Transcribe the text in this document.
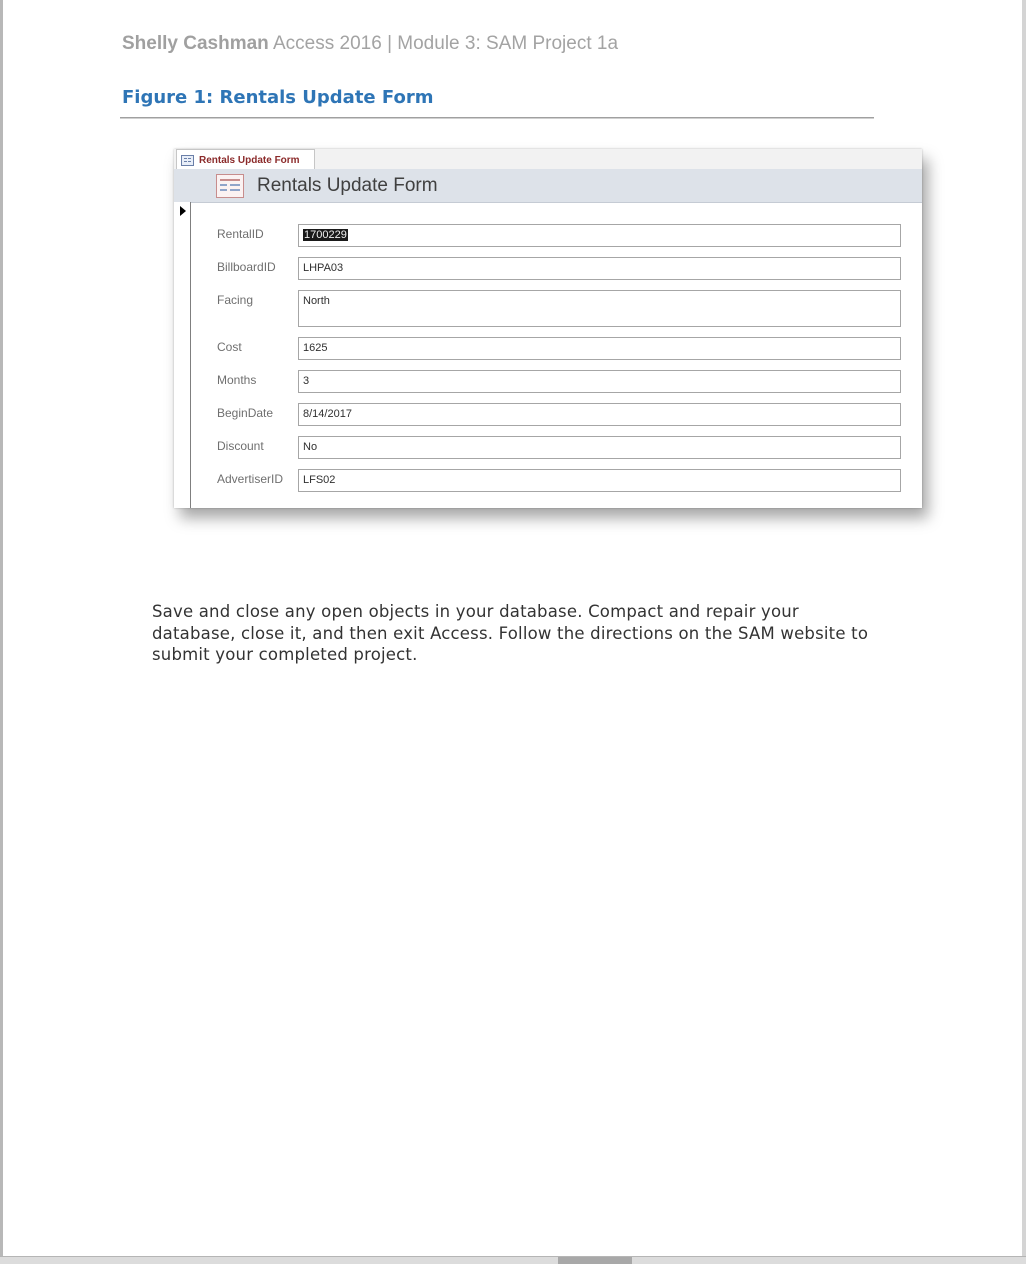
Shelly Cashman Access 2016 | Module 3: SAM Project 1a
Figure 1: Rentals Update Form
Rentals Update Form
Rentals Update Form
RentalID	1700229
BillboardID	LHPA03
Facing	North
Cost	1625
Months	3
BeginDate	8/14/2017
Discount	No
AdvertiserID	LFS02
Save and close any open objects in your database. Compact and repair your database, close it, and then exit Access. Follow the directions on the SAM website to submit your completed project.
